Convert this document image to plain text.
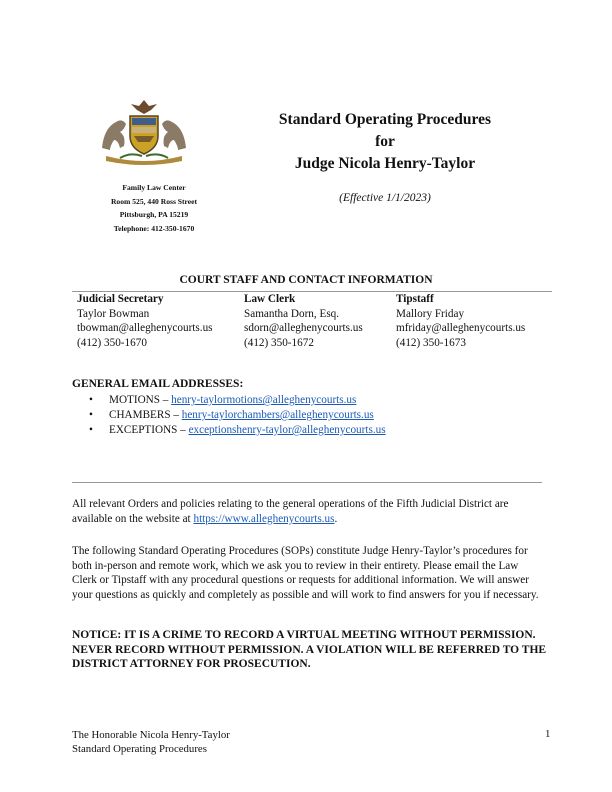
Family Law Center
Room 525, 440 Ross Street
Pittsburgh, PA 15219
Telephone: 412-350-1670
Standard Operating Procedures
for
Judge Nicola Henry-Taylor
(Effective 1/1/2023)
COURT STAFF AND CONTACT INFORMATION
Judicial Secretary
Taylor Bowman
tbowman@alleghenycourts.us
(412) 350-1670
Law Clerk
Samantha Dorn, Esq.
sdorn@alleghenycourts.us
(412) 350-1672
Tipstaff
Mallory Friday
mfriday@alleghenycourts.us
(412) 350-1673
GENERAL EMAIL ADDRESSES:
• MOTIONS – henry-taylormotions@alleghenycourts.us
• CHAMBERS – henry-taylorchambers@alleghenycourts.us
• EXCEPTIONS – exceptionshenry-taylor@alleghenycourts.us
All relevant Orders and policies relating to the general operations of the Fifth Judicial District are available on the website at https://www.alleghenycourts.us.
The following Standard Operating Procedures (SOPs) constitute Judge Henry-Taylor’s procedures for both in-person and remote work, which we ask you to review in their entirety. Please email the Law Clerk or Tipstaff with any procedural questions or requests for additional information. We will answer your questions as quickly and completely as possible and will work to find answers for you if necessary.
NOTICE: IT IS A CRIME TO RECORD A VIRTUAL MEETING WITHOUT PERMISSION. NEVER RECORD WITHOUT PERMISSION. A VIOLATION WILL BE REFERRED TO THE DISTRICT ATTORNEY FOR PROSECUTION.
The Honorable Nicola Henry-Taylor
Standard Operating Procedures
1
